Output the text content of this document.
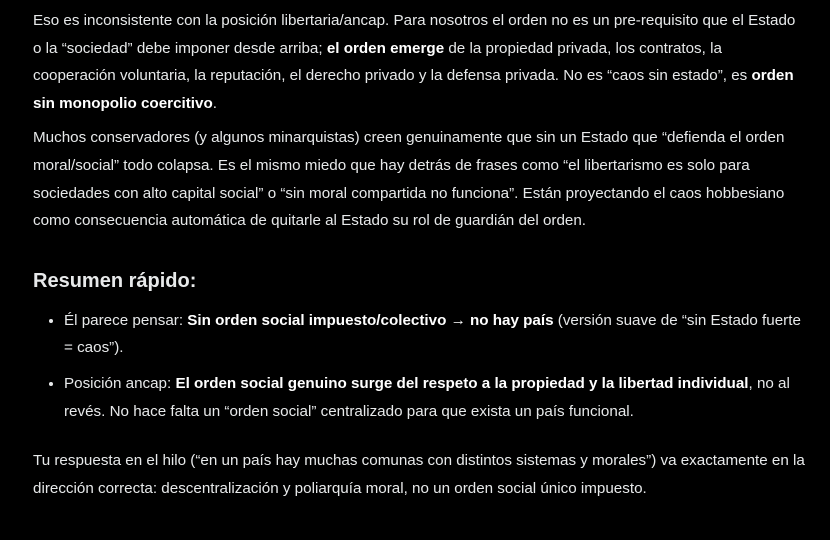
Eso es inconsistente con la posición libertaria/ancap. Para nosotros el orden no es un pre-requisito que el Estado o la “sociedad” debe imponer desde arriba; el orden emerge de la propiedad privada, los contratos, la cooperación voluntaria, la reputación, el derecho privado y la defensa privada. No es “caos sin estado”, es orden sin monopolio coercitivo.

Muchos conservadores (y algunos minarquistas) creen genuinamente que sin un Estado que “defienda el orden moral/social” todo colapsa. Es el mismo miedo que hay detrás de frases como “el libertarismo es solo para sociedades con alto capital social” o “sin moral compartida no funciona”. Están proyectando el caos hobbesiano como consecuencia automática de quitarle al Estado su rol de guardián del orden.

Resumen rápido:
• Él parece pensar: Sin orden social impuesto/colectivo → no hay país (versión suave de “sin Estado fuerte = caos”).
• Posición ancap: El orden social genuino surge del respeto a la propiedad y la libertad individual, no al revés. No hace falta un “orden social” centralizado para que exista un país funcional.

Tu respuesta en el hilo (“en un país hay muchas comunas con distintos sistemas y morales”) va exactamente en la dirección correcta: descentralización y poliarquía moral, no un orden social único impuesto.
